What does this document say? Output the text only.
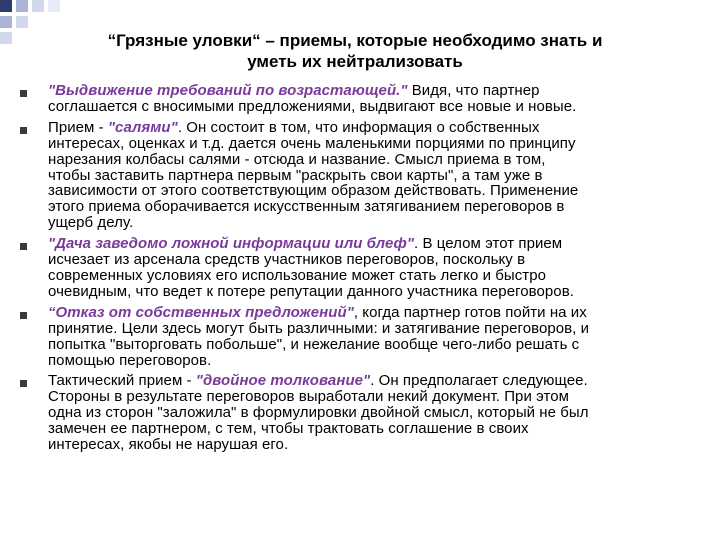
“Грязные уловки“ – приемы, которые необходимо знать и
уметь их нейтрализовать
"Выдвижение требований по возрастающей." Видя, что партнер
соглашается с вносимыми предложениями, выдвигают все новые и новые.
Прием - "салями". Он состоит в том, что информация о собственных
интересах, оценках и т.д. дается очень маленькими порциями по принципу
нарезания колбасы салями - отсюда и название. Смысл приема в том,
чтобы заставить партнера первым "раскрыть свои карты", а там уже в
зависимости от этого соответствующим образом действовать. Применение
этого приема оборачивается искусственным затягиванием переговоров в
ущерб делу.
"Дача заведомо ложной информации или блеф". В целом этот прием
исчезает из арсенала средств участников переговоров, поскольку в
современных условиях его использование может стать легко и быстро
очевидным, что ведет к потере репутации данного участника переговоров.
“Отказ от собственных предложений", когда партнер готов пойти на их
принятие. Цели здесь могут быть различными: и затягивание переговоров, и
попытка "выторговать побольше", и нежелание вообще чего-либо решать с
помощью переговоров.
Тактический прием - "двойное толкование". Он предполагает следующее.
Стороны в результате переговоров выработали некий документ. При этом
одна из сторон "заложила" в формулировки двойной смысл, который не был
замечен ее партнером, с тем, чтобы трактовать соглашение в своих
интересах, якобы не нарушая его.
